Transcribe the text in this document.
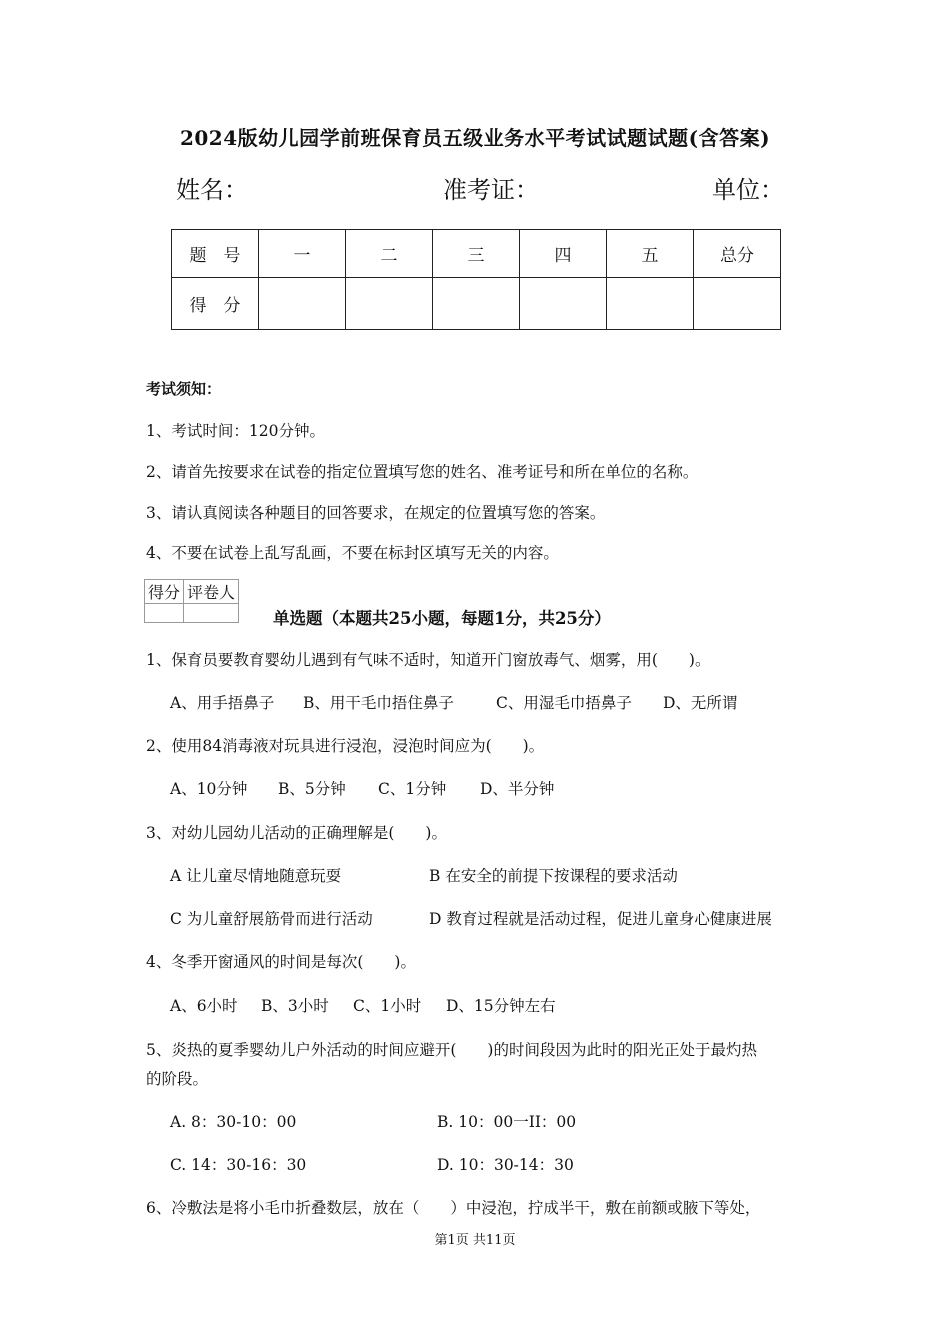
2024版幼儿园学前班保育员五级业务水平考试试题试题(含答案)
姓名：	准考证：	单位：
题　号	一	二	三	四	五	总分
得　分						
考试须知：
1、考试时间：120分钟。
2、请首先按要求在试卷的指定位置填写您的姓名、准考证号和所在单位的名称。
3、请认真阅读各种题目的回答要求，在规定的位置填写您的答案。
4、不要在试卷上乱写乱画，不要在标封区填写无关的内容。
得分	评卷人

单选题（本题共25小题，每题1分，共25分）
1、保育员要教育婴幼儿遇到有气味不适时，知道开门窗放毒气、烟雾，用(　　)。
A、用手捂鼻子 B、用干毛巾捂住鼻子	C、用湿毛巾捂鼻子 D、无所谓
2、使用84消毒液对玩具进行浸泡，浸泡时间应为(　　)。
A、10分钟 B、5分钟 C、1分钟 D、半分钟
3、对幼儿园幼儿活动的正确理解是(　　)。
A 让儿童尽情地随意玩耍	B 在安全的前提下按课程的要求活动
C 为儿童舒展筋骨而进行活动	D 教育过程就是活动过程，促进儿童身心健康进展
4、冬季开窗通风的时间是每次(　　)。
A、6小时 B、3小时 C、1小时 D、15分钟左右
5、炎热的夏季婴幼儿户外活动的时间应避开(　　)的时间段因为此时的阳光正处于最灼热
的阶段。
A. 8：30-10：00	B. 10：00一II：00
C. 14：30-16：30	D. 10：30-14：30
6、冷敷法是将小毛巾折叠数层，放在（　　）中浸泡，拧成半干，敷在前额或腋下等处，
第1页 共11页
